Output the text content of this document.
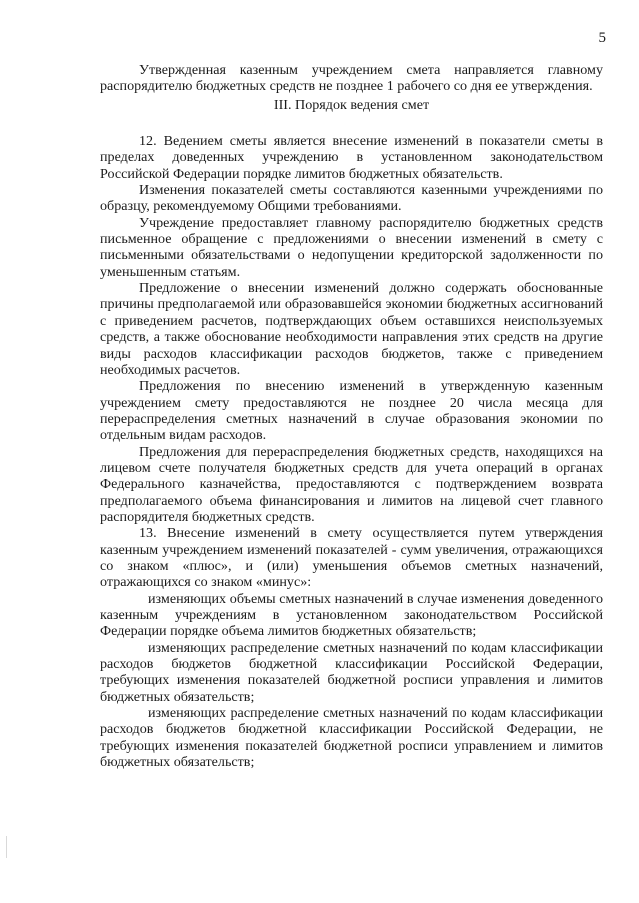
5

Утвержденная казенным учреждением смета направляется главному распорядителю бюджетных средств не позднее 1 рабочего со дня ее утверждения.

III. Порядок ведения смет

12. Ведением сметы является внесение изменений в показатели сметы в пределах доведенных учреждению в установленном законодательством Российской Федерации порядке лимитов бюджетных обязательств.

Изменения показателей сметы составляются казенными учреждениями по образцу, рекомендуемому Общими требованиями.

Учреждение предоставляет главному распорядителю бюджетных средств письменное обращение с предложениями о внесении изменений в смету с письменными обязательствами о недопущении кредиторской задолженности по уменьшенным статьям.

Предложение о внесении изменений должно содержать обоснованные причины предполагаемой или образовавшейся экономии бюджетных ассигнований с приведением расчетов, подтверждающих объем оставшихся неиспользуемых средств, а также обоснование необходимости направления этих средств на другие виды расходов классификации расходов бюджетов, также с приведением необходимых расчетов.

Предложения по внесению изменений в утвержденную казенным учреждением смету предоставляются не позднее 20 числа месяца для перераспределения сметных назначений в случае образования экономии по отдельным видам расходов.

Предложения для перераспределения бюджетных средств, находящихся на лицевом счете получателя бюджетных средств для учета операций в органах Федерального казначейства, предоставляются с подтверждением возврата предполагаемого объема финансирования и лимитов на лицевой счет главного распорядителя бюджетных средств.

13. Внесение изменений в смету осуществляется путем утверждения казенным учреждением изменений показателей - сумм увеличения, отражающихся со знаком «плюс», и (или) уменьшения объемов сметных назначений, отражающихся со знаком «минус»:

изменяющих объемы сметных назначений в случае изменения доведенного казенным учреждениям в установленном законодательством Российской Федерации порядке объема лимитов бюджетных обязательств;

изменяющих распределение сметных назначений по кодам классификации расходов бюджетов бюджетной классификации Российской Федерации, требующих изменения показателей бюджетной росписи управления и лимитов бюджетных обязательств;

изменяющих распределение сметных назначений по кодам классификации расходов бюджетов бюджетной классификации Российской Федерации, не требующих изменения показателей бюджетной росписи управлением и лимитов бюджетных обязательств;
